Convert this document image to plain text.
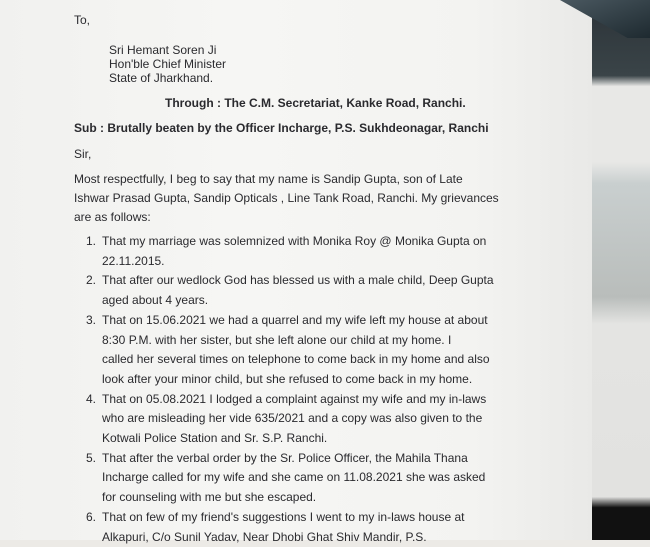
To,
Sri Hemant Soren Ji
Hon'ble Chief Minister
State of Jharkhand.
Through : The C.M. Secretariat, Kanke Road, Ranchi.
Sub : Brutally beaten by the Officer Incharge, P.S. Sukhdeonagar, Ranchi
Sir,
Most respectfully, I beg to say that my name is Sandip Gupta, son of Late
Ishwar Prasad Gupta, Sandip Opticals , Line Tank Road, Ranchi. My grievances
are as follows:
1. That my marriage was solemnized with Monika Roy @ Monika Gupta on
22.11.2015.
2. That after our wedlock God has blessed us with a male child, Deep Gupta
aged about 4 years.
3. That on 15.06.2021 we had a quarrel and my wife left my house at about
8:30 P.M. with her sister, but she left alone our child at my home. I
called her several times on telephone to come back in my home and also
look after your minor child, but she refused to come back in my home.
4. That on 05.08.2021 I lodged a complaint against my wife and my in-laws
who are misleading her vide 635/2021 and a copy was also given to the
Kotwali Police Station and Sr. S.P. Ranchi.
5. That after the verbal order by the Sr. Police Officer, the Mahila Thana
Incharge called for my wife and she came on 11.08.2021 she was asked
for counseling with me but she escaped.
6. That on few of my friend's suggestions I went to my in-laws house at
Alkapuri, C/o Sunil Yadav, Near Dhobi Ghat Shiv Mandir, P.S.
